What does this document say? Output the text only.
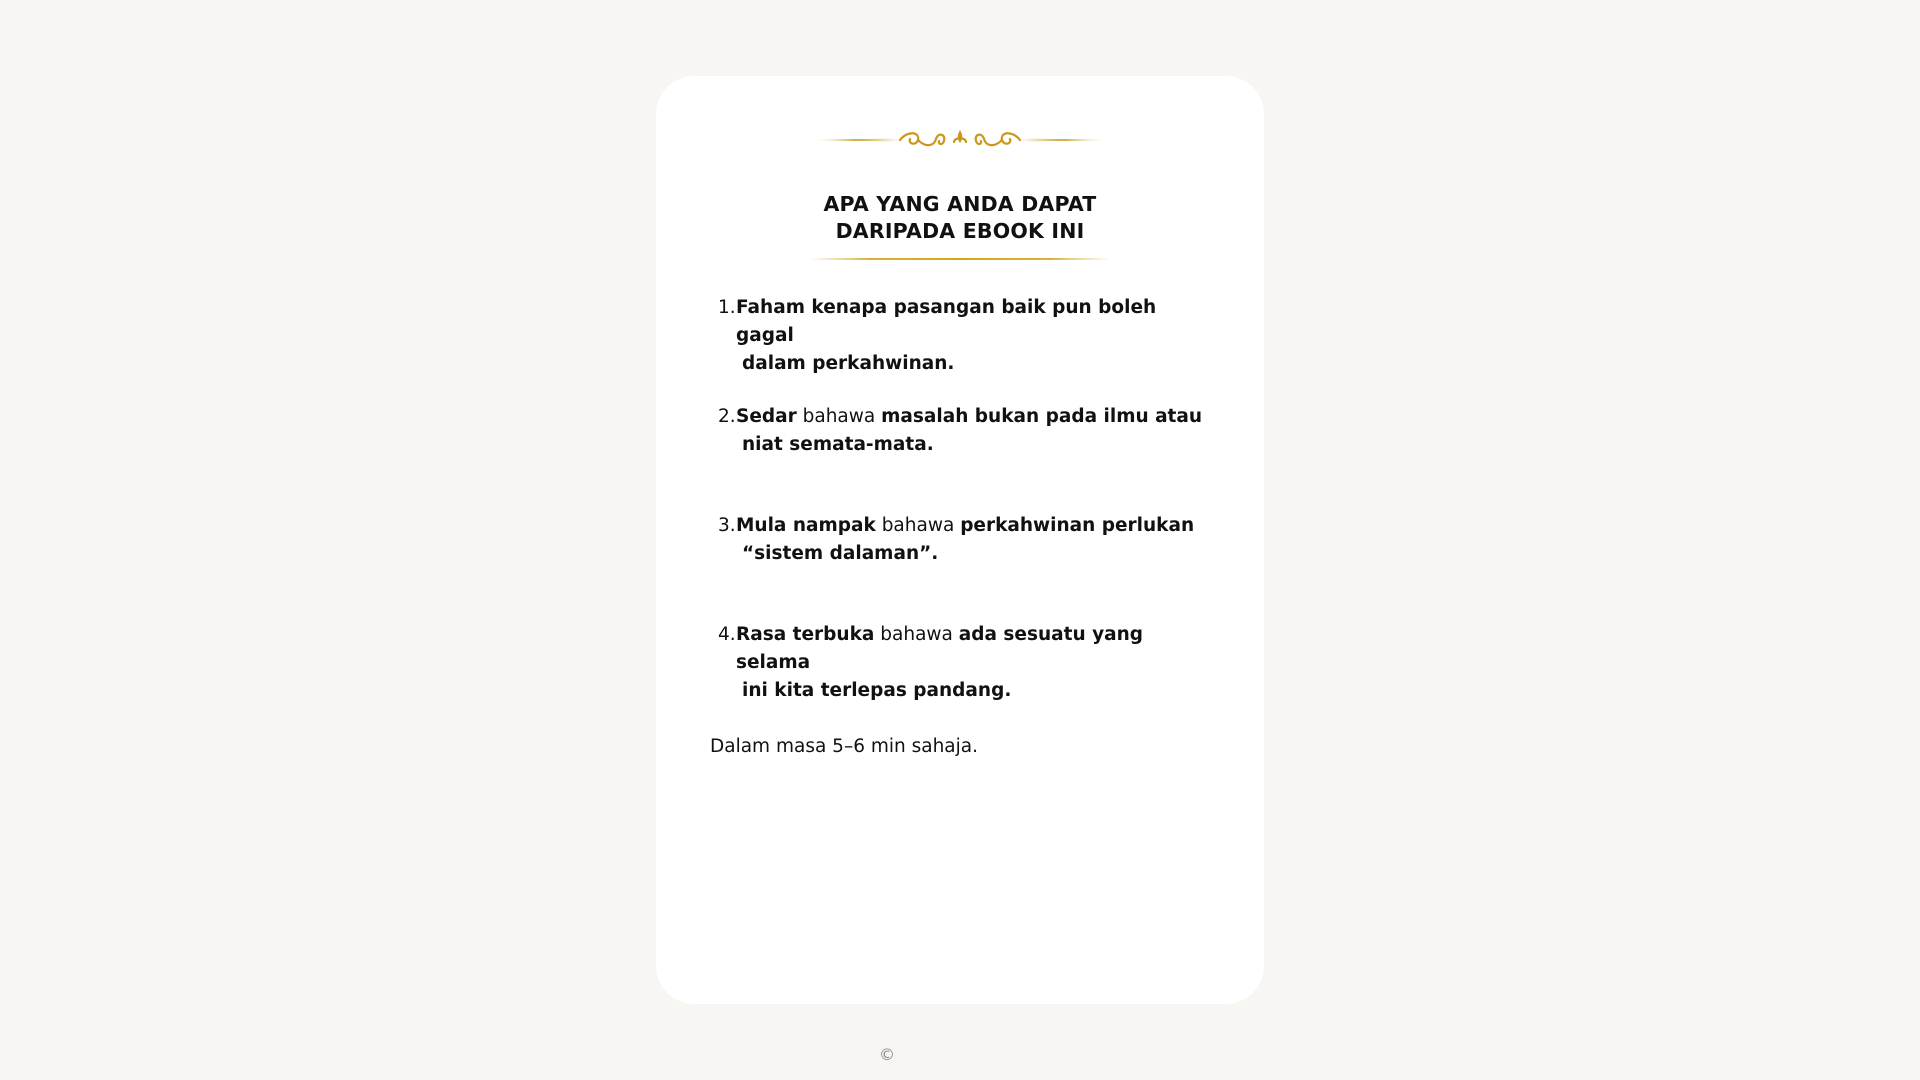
APA YANG ANDA DAPAT
DARIPADA EBOOK INI
1. Faham kenapa pasangan baik pun boleh gagal
dalam perkahwinan.
2. Sedar bahawa masalah bukan pada ilmu atau
niat semata-mata.
3. Mula nampak bahawa perkahwinan perlukan
“sistem dalaman”.
4. Rasa terbuka bahawa ada sesuatu yang selama
ini kita terlepas pandang.
Dalam masa 5–6 min sahaja.
©
